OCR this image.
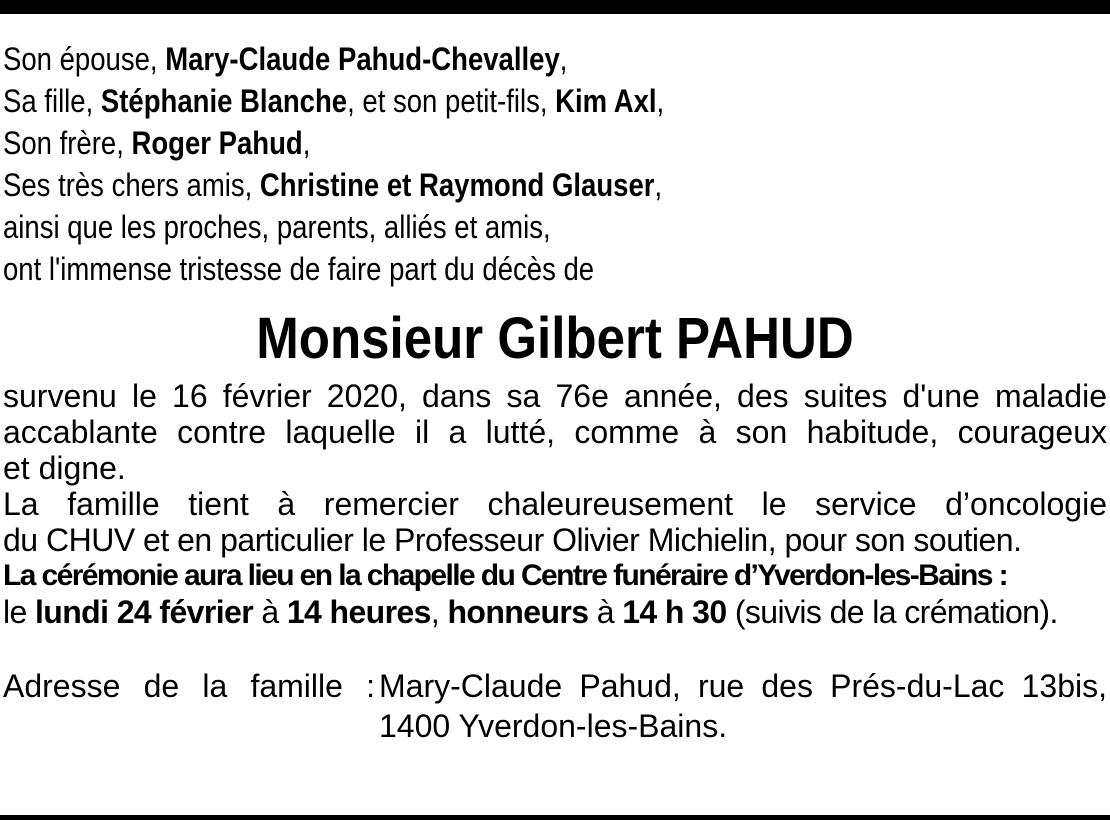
Son épouse, Mary-Claude Pahud-Chevalley,
Sa fille, Stéphanie Blanche, et son petit-fils, Kim Axl,
Son frère, Roger Pahud,
Ses très chers amis, Christine et Raymond Glauser,
ainsi que les proches, parents, alliés et amis,
ont l'immense tristesse de faire part du décès de
Monsieur Gilbert PAHUD
survenu le 16 février 2020, dans sa 76e année, des suites d'une maladie
accablante contre laquelle il a lutté, comme à son habitude, courageux
et digne.
La famille tient à remercier chaleureusement le service d’oncologie
du CHUV et en particulier le Professeur Olivier Michielin, pour son soutien.
La cérémonie aura lieu en la chapelle du Centre funéraire d’Yverdon-les-Bains :
le lundi 24 février à 14 heures, honneurs à 14 h 30 (suivis de la crémation).
Adresse de la famille : Mary-Claude Pahud, rue des Prés-du-Lac 13bis,
1400 Yverdon-les-Bains.
